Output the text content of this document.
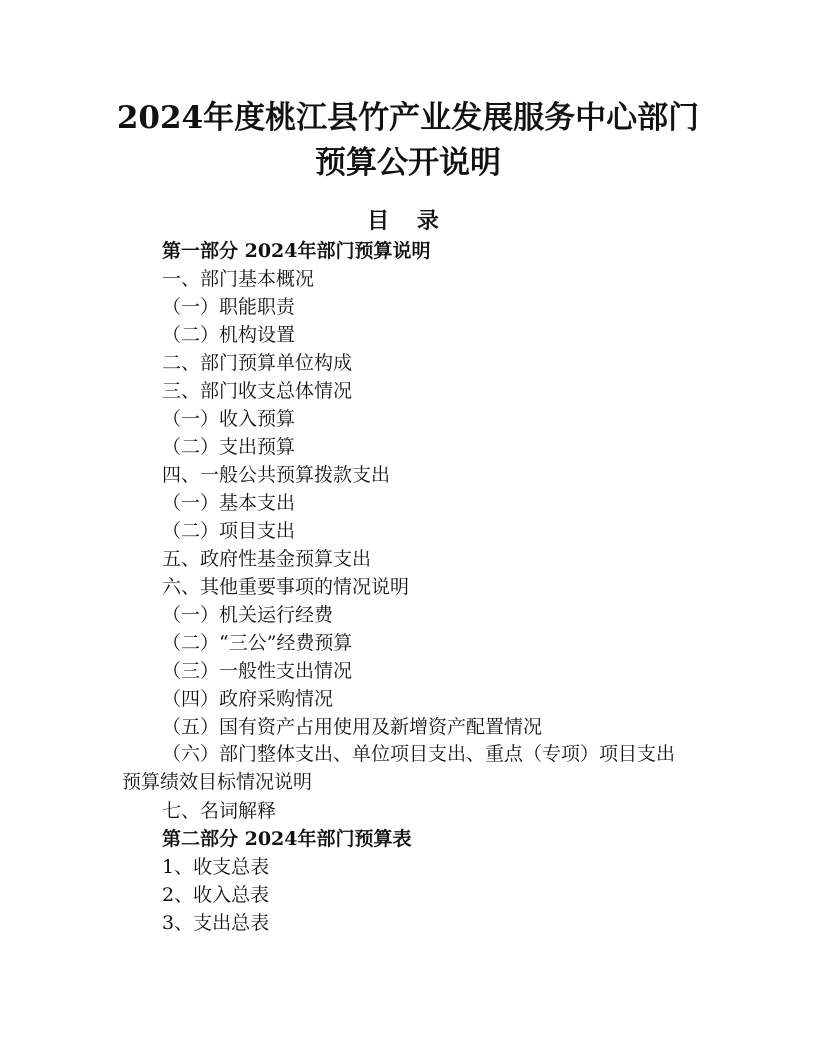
2024年度桃江县竹产业发展服务中心部门
预算公开说明
目 录
第一部分 2024年部门预算说明
一、部门基本概况
（一）职能职责
（二）机构设置
二、部门预算单位构成
三、部门收支总体情况
（一）收入预算
（二）支出预算
四、一般公共预算拨款支出
（一）基本支出
（二）项目支出
五、政府性基金预算支出
六、其他重要事项的情况说明
（一）机关运行经费
（二）“三公”经费预算
（三）一般性支出情况
（四）政府采购情况
（五）国有资产占用使用及新增资产配置情况
（六）部门整体支出、单位项目支出、重点（专项）项目支出预算绩效目标情况说明
七、名词解释
第二部分 2024年部门预算表
1、收支总表
2、收入总表
3、支出总表
